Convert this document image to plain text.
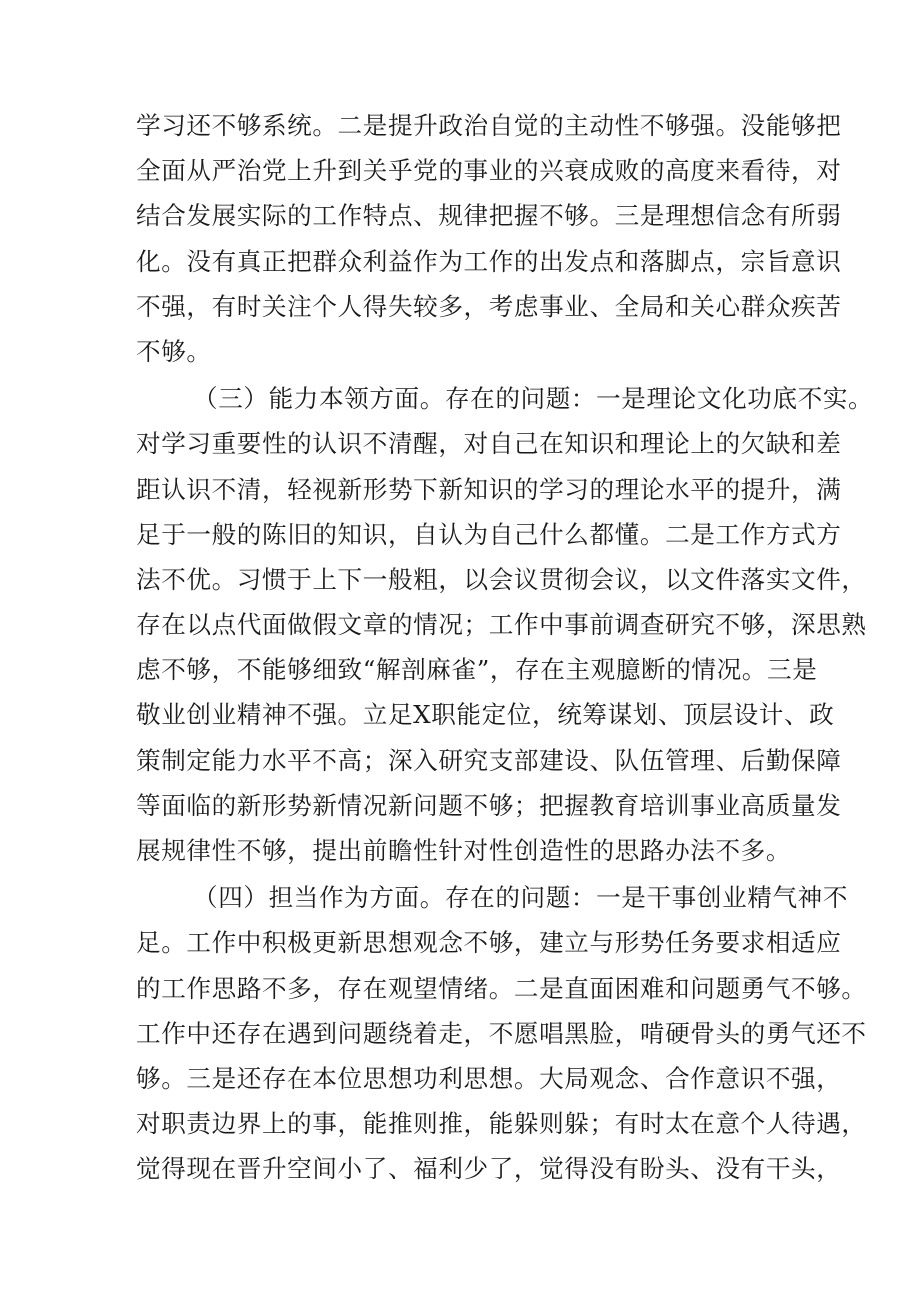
学习还不够系统。二是提升政治自觉的主动性不够强。没能够把
全面从严治党上升到关乎党的事业的兴衰成败的高度来看待，对
结合发展实际的工作特点、规律把握不够。三是理想信念有所弱
化。没有真正把群众利益作为工作的出发点和落脚点，宗旨意识
不强，有时关注个人得失较多，考虑事业、全局和关心群众疾苦
不够。
（三）能力本领方面。存在的问题：一是理论文化功底不实。
对学习重要性的认识不清醒，对自己在知识和理论上的欠缺和差
距认识不清，轻视新形势下新知识的学习的理论水平的提升，满
足于一般的陈旧的知识，自认为自己什么都懂。二是工作方式方
法不优。习惯于上下一般粗，以会议贯彻会议，以文件落实文件，
存在以点代面做假文章的情况；工作中事前调查研究不够，深思熟
虑不够，不能够细致“解剖麻雀”，存在主观臆断的情况。三是
敬业创业精神不强。立足X职能定位，统筹谋划、顶层设计、政
策制定能力水平不高；深入研究支部建设、队伍管理、后勤保障
等面临的新形势新情况新问题不够；把握教育培训事业高质量发
展规律性不够，提出前瞻性针对性创造性的思路办法不多。
（四）担当作为方面。存在的问题：一是干事创业精气神不
足。工作中积极更新思想观念不够，建立与形势任务要求相适应
的工作思路不多，存在观望情绪。二是直面困难和问题勇气不够。
工作中还存在遇到问题绕着走，不愿唱黑脸，啃硬骨头的勇气还不
够。三是还存在本位思想功利思想。大局观念、合作意识不强，
对职责边界上的事，能推则推，能躲则躲；有时太在意个人待遇，
觉得现在晋升空间小了、福利少了，觉得没有盼头、没有干头，
